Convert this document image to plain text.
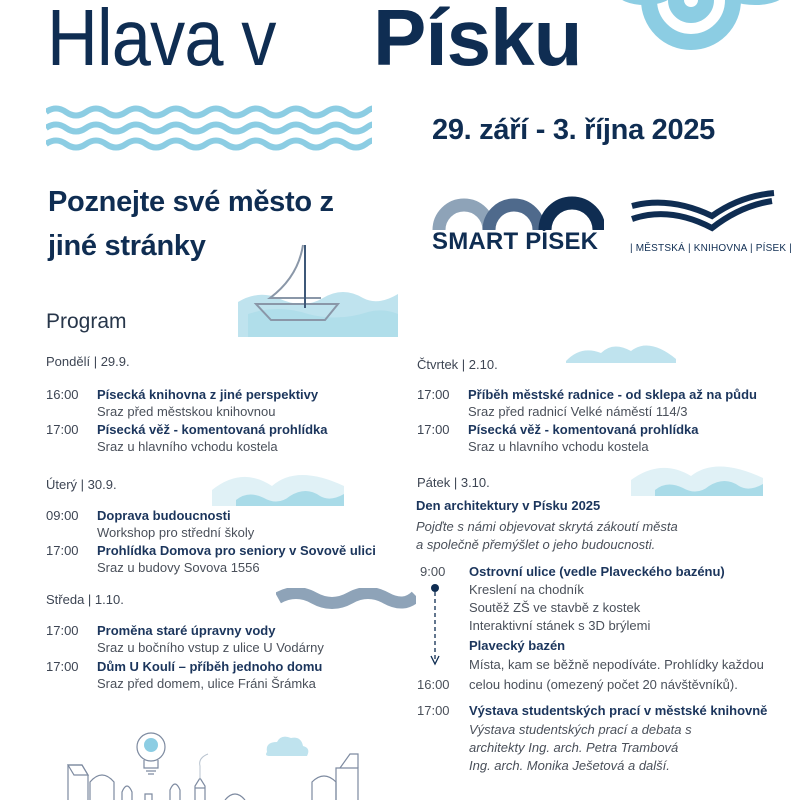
Hlava v Písku
29. září - 3. října 2025
Poznejte své město z
jiné stránky	SMART PÍSEK	| MĚSTSKÁ | KNIHOVNA | PÍSEK |
Program
Pondělí | 29.9.
16:00 Písecká knihovna z jiné perspektivy
Sraz před městskou knihovnou
17:00 Písecká věž - komentovaná prohlídka
Sraz u hlavního vchodu kostela
Úterý | 30.9.
09:00 Doprava budoucnosti
Workshop pro střední školy
17:00 Prohlídka Domova pro seniory v Sovově ulici
Sraz u budovy Sovova 1556
Středa | 1.10.
17:00 Proměna staré úpravny vody
Sraz u bočního vstup z ulice U Vodárny
17:00 Dům U Koulí – příběh jednoho domu
Sraz před domem, ulice Fráni Šrámka
Čtvrtek | 2.10.
17:00 Příběh městské radnice - od sklepa až na půdu
Sraz před radnicí Velké náměstí 114/3
17:00 Písecká věž - komentovaná prohlídka
Sraz u hlavního vchodu kostela
Pátek | 3.10.
Den architektury v Písku 2025
Pojďte s námi objevovat skrytá zákoutí města
a společně přemýšlet o jeho budoucnosti.
9:00
16:00
Ostrovní ulice (vedle Plaveckého bazénu)
Kreslení na chodník
Soutěž ZŠ ve stavbě z kostek
Interaktivní stánek s 3D brýlemi
Plavecký bazén
Místa, kam se běžně nepodíváte. Prohlídky každou
celou hodinu (omezený počet 20 návštěvníků).
17:00 Výstava studentských prací v městské knihovně
Výstava studentských prací a debata s
architekty Ing. arch. Petra Trambová
Ing. arch. Monika Ješetová a další.
